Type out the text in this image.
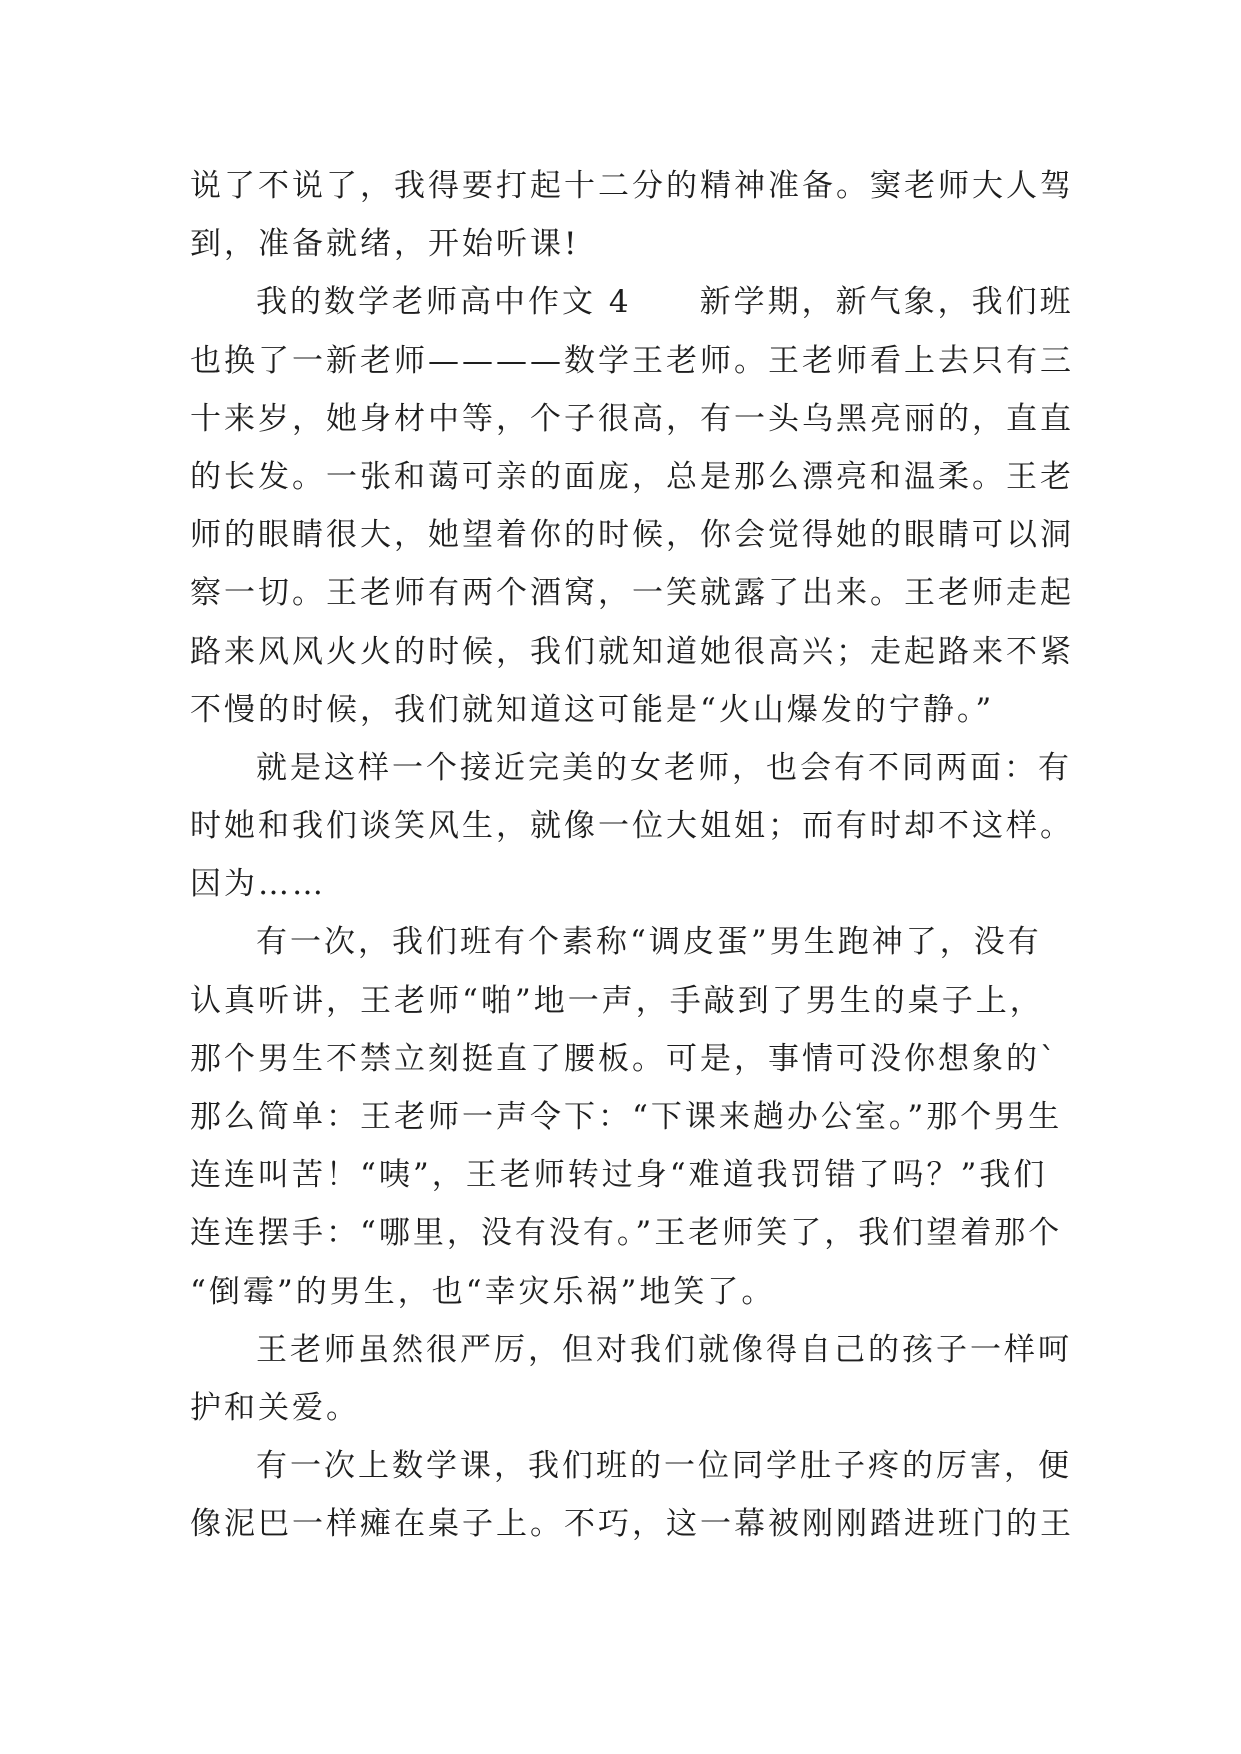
说了不说了，我得要打起十二分的精神准备。窦老师大人驾
到，准备就绪，开始听课!
我的数学老师高中作文 4　　新学期，新气象，我们班
也换了一新老师————数学王老师。王老师看上去只有三
十来岁，她身材中等，个子很高，有一头乌黑亮丽的，直直
的长发。一张和蔼可亲的面庞，总是那么漂亮和温柔。王老
师的眼睛很大，她望着你的时候，你会觉得她的眼睛可以洞
察一切。王老师有两个酒窝，一笑就露了出来。王老师走起
路来风风火火的时候，我们就知道她很高兴；走起路来不紧
不慢的时候，我们就知道这可能是“火山爆发的宁静。”
就是这样一个接近完美的女老师，也会有不同两面：有
时她和我们谈笑风生，就像一位大姐姐；而有时却不这样。
因为……
有一次，我们班有个素称“调皮蛋”男生跑神了，没有
认真听讲，王老师“啪”地一声，手敲到了男生的桌子上，
那个男生不禁立刻挺直了腰板。可是，事情可没你想象的`
那么简单：王老师一声令下：“下课来趟办公室。”那个男生
连连叫苦！“咦”，王老师转过身“难道我罚错了吗？”我们
连连摆手：“哪里，没有没有。”王老师笑了，我们望着那个
“倒霉”的男生，也“幸灾乐祸”地笑了。
王老师虽然很严厉，但对我们就像得自己的孩子一样呵
护和关爱。
有一次上数学课，我们班的一位同学肚子疼的厉害，便
像泥巴一样瘫在桌子上。不巧，这一幕被刚刚踏进班门的王
